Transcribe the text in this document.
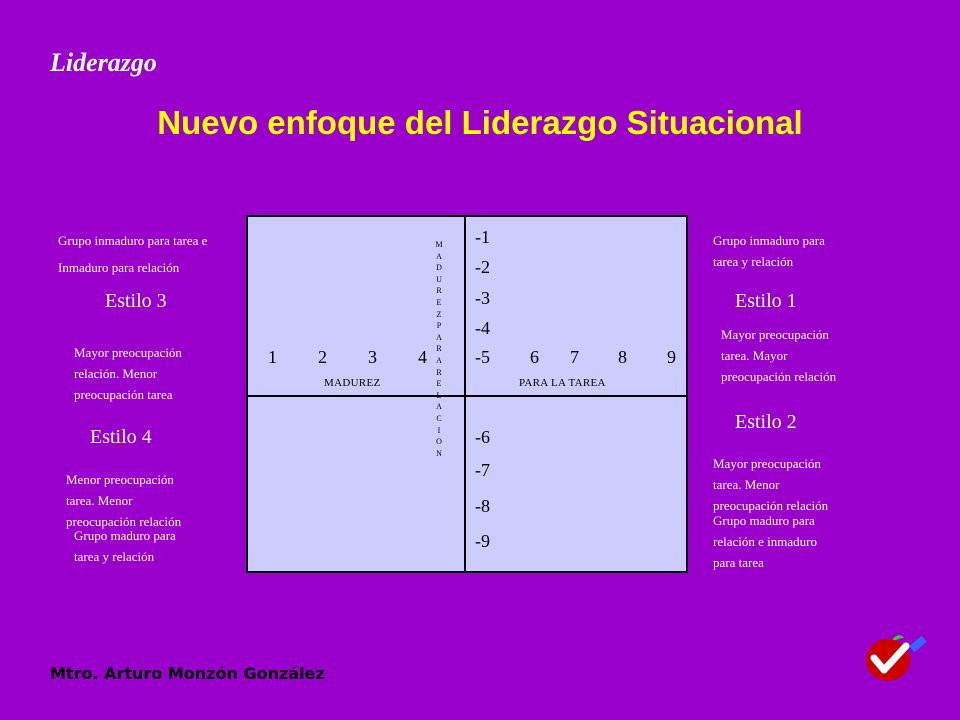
Liderazgo
Nuevo enfoque del Liderazgo Situacional
Grupo inmaduro para tarea e
Inmaduro para relación
Estilo 3
Mayor preocupación
relación. Menor
preocupación tarea
Estilo 4
Menor preocupación
tarea. Menor
preocupación relación
Grupo maduro para
tarea y relación
M
A
D
U
R
E
Z
P
A
R
A
R
E
L
A
C
I
O
N
1 2 3 4	-5 6 7 8 9
-1
-2
-3
-4
-6
-7
-8
-9
MADUREZ	PARA LA TAREA
Grupo inmaduro para
tarea y relación
Estilo 1
Mayor preocupación
tarea. Mayor
preocupación relación
Estilo 2
Mayor preocupación
tarea. Menor
preocupación relación
Grupo maduro para
relación e inmaduro
para tarea
Mtro. Arturo Monzón González
